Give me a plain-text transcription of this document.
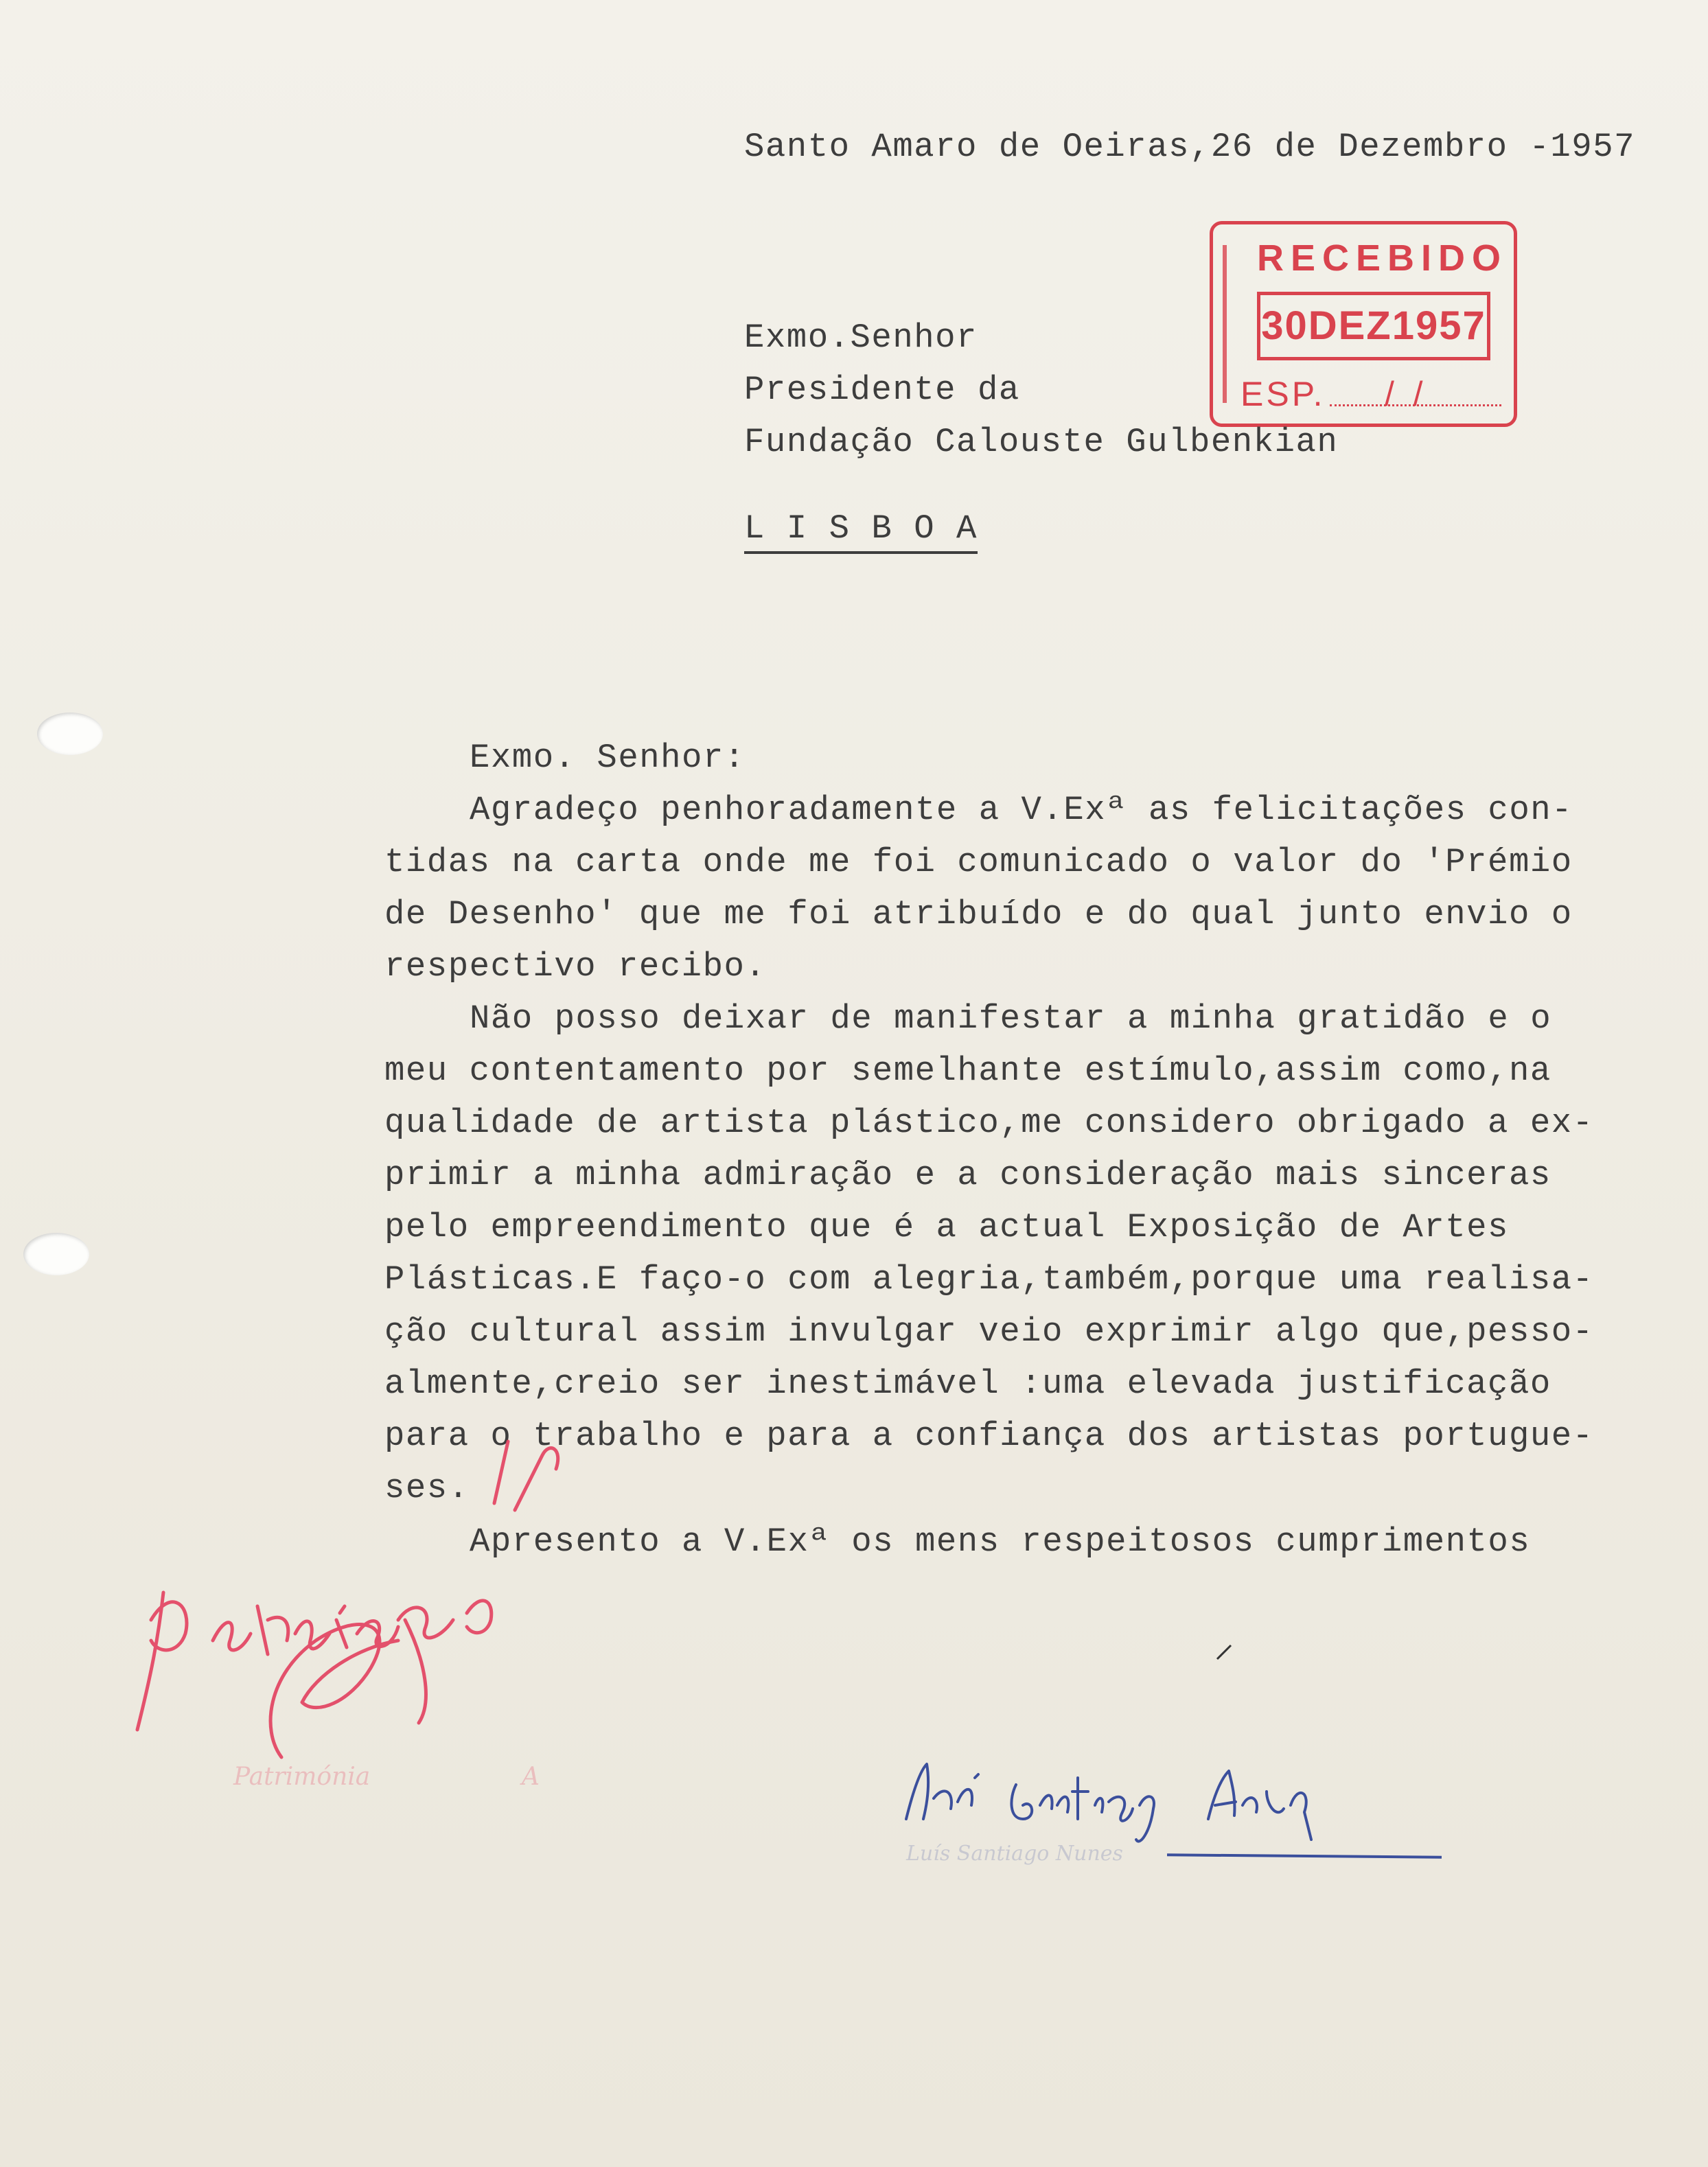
Santo Amaro de Oeiras,26 de Dezembro -1957
RECEBIDO
30DEZ1957
ESP. /  /
Exmo.Senhor
Presidente da
Fundação Calouste Gulbenkian
L I S B O A
Exmo. Senhor:
Agradeço penhoradamente a V.Exª as felicitações con-
tidas na carta onde me foi comunicado o valor do 'Prémio
de Desenho' que me foi atribuído e do qual junto envio o
respectivo recibo.
Não posso deixar de manifestar a minha gratidão e o
meu contentamento por semelhante estímulo,assim como,na
qualidade de artista plástico,me considero obrigado a ex-
primir a minha admiração e a consideração mais sinceras
pelo empreendimento que é a actual Exposição de Artes
Plásticas.E faço-o com alegria,também,porque uma realisa-
ção cultural assim invulgar veio exprimir algo que,pesso-
almente,creio ser inestimável :uma elevada justificação
para o trabalho e para a confiança dos artistas portugue-
ses.
Apresento a V.Exª os mens respeitosos cumprimentos
Patrimónia	A
Luís Santiago Nunes
